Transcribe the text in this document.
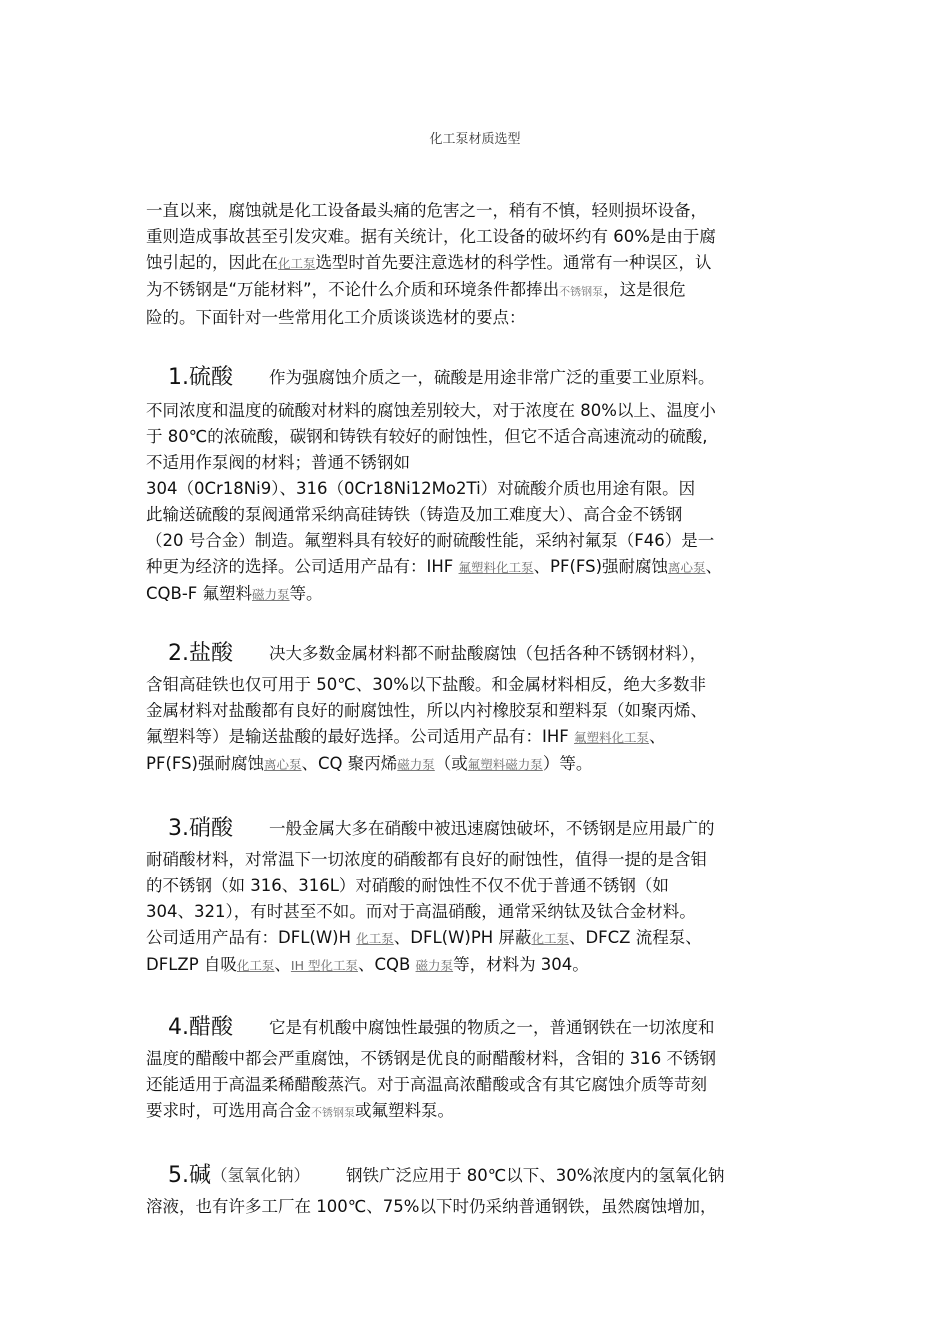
化工泵材质选型
一直以来，腐蚀就是化工设备最头痛的危害之一，稍有不慎，轻则损坏设备，
重则造成事故甚至引发灾难。据有关统计，化工设备的破坏约有 60%是由于腐
蚀引起的，因此在化工泵选型时首先要注意选材的科学性。通常有一种误区，认
为不锈钢是“万能材料”，不论什么介质和环境条件都捧出不锈钢泵，这是很危
险的。下面针对一些常用化工介质谈谈选材的要点：
1.硫酸 作为强腐蚀介质之一，硫酸是用途非常广泛的重要工业原料。
不同浓度和温度的硫酸对材料的腐蚀差别较大，对于浓度在 80%以上、温度小
于 80℃的浓硫酸，碳钢和铸铁有较好的耐蚀性，但它不适合高速流动的硫酸,
不适用作泵阀的材料；普通不锈钢如
304（0Cr18Ni9）、316（0Cr18Ni12Mo2Ti）对硫酸介质也用途有限。因
此输送硫酸的泵阀通常采纳高硅铸铁（铸造及加工难度大）、高合金不锈钢
（20 号合金）制造。氟塑料具有较好的耐硫酸性能，采纳衬氟泵（F46）是一
种更为经济的选择。公司适用产品有：IHF 氟塑料化工泵、PF(FS)强耐腐蚀离心泵、
CQB-F 氟塑料磁力泵等。
2.盐酸 决大多数金属材料都不耐盐酸腐蚀（包括各种不锈钢材料），
含钼高硅铁也仅可用于 50℃、30%以下盐酸。和金属材料相反，绝大多数非
金属材料对盐酸都有良好的耐腐蚀性，所以内衬橡胶泵和塑料泵（如聚丙烯、
氟塑料等）是输送盐酸的最好选择。公司适用产品有：IHF 氟塑料化工泵、
PF(FS)强耐腐蚀离心泵、CQ 聚丙烯磁力泵（或氟塑料磁力泵）等。
3.硝酸 一般金属大多在硝酸中被迅速腐蚀破坏，不锈钢是应用最广的
耐硝酸材料，对常温下一切浓度的硝酸都有良好的耐蚀性，值得一提的是含钼
的不锈钢（如 316、316L）对硝酸的耐蚀性不仅不优于普通不锈钢（如
304、321），有时甚至不如。而对于高温硝酸，通常采纳钛及钛合金材料。
公司适用产品有：DFL(W)H 化工泵、DFL(W)PH 屏蔽化工泵、DFCZ 流程泵、
DFLZP 自吸化工泵、IH 型化工泵、CQB 磁力泵等，材料为 304。
4.醋酸 它是有机酸中腐蚀性最强的物质之一，普通钢铁在一切浓度和
温度的醋酸中都会严重腐蚀，不锈钢是优良的耐醋酸材料，含钼的 316 不锈钢
还能适用于高温柔稀醋酸蒸汽。对于高温高浓醋酸或含有其它腐蚀介质等苛刻
要求时，可选用高合金不锈钢泵或氟塑料泵。
5.碱（氢氧化钠） 钢铁广泛应用于 80℃以下、30%浓度内的氢氧化钠
溶液，也有许多工厂在 100℃、75%以下时仍采纳普通钢铁，虽然腐蚀增加，
